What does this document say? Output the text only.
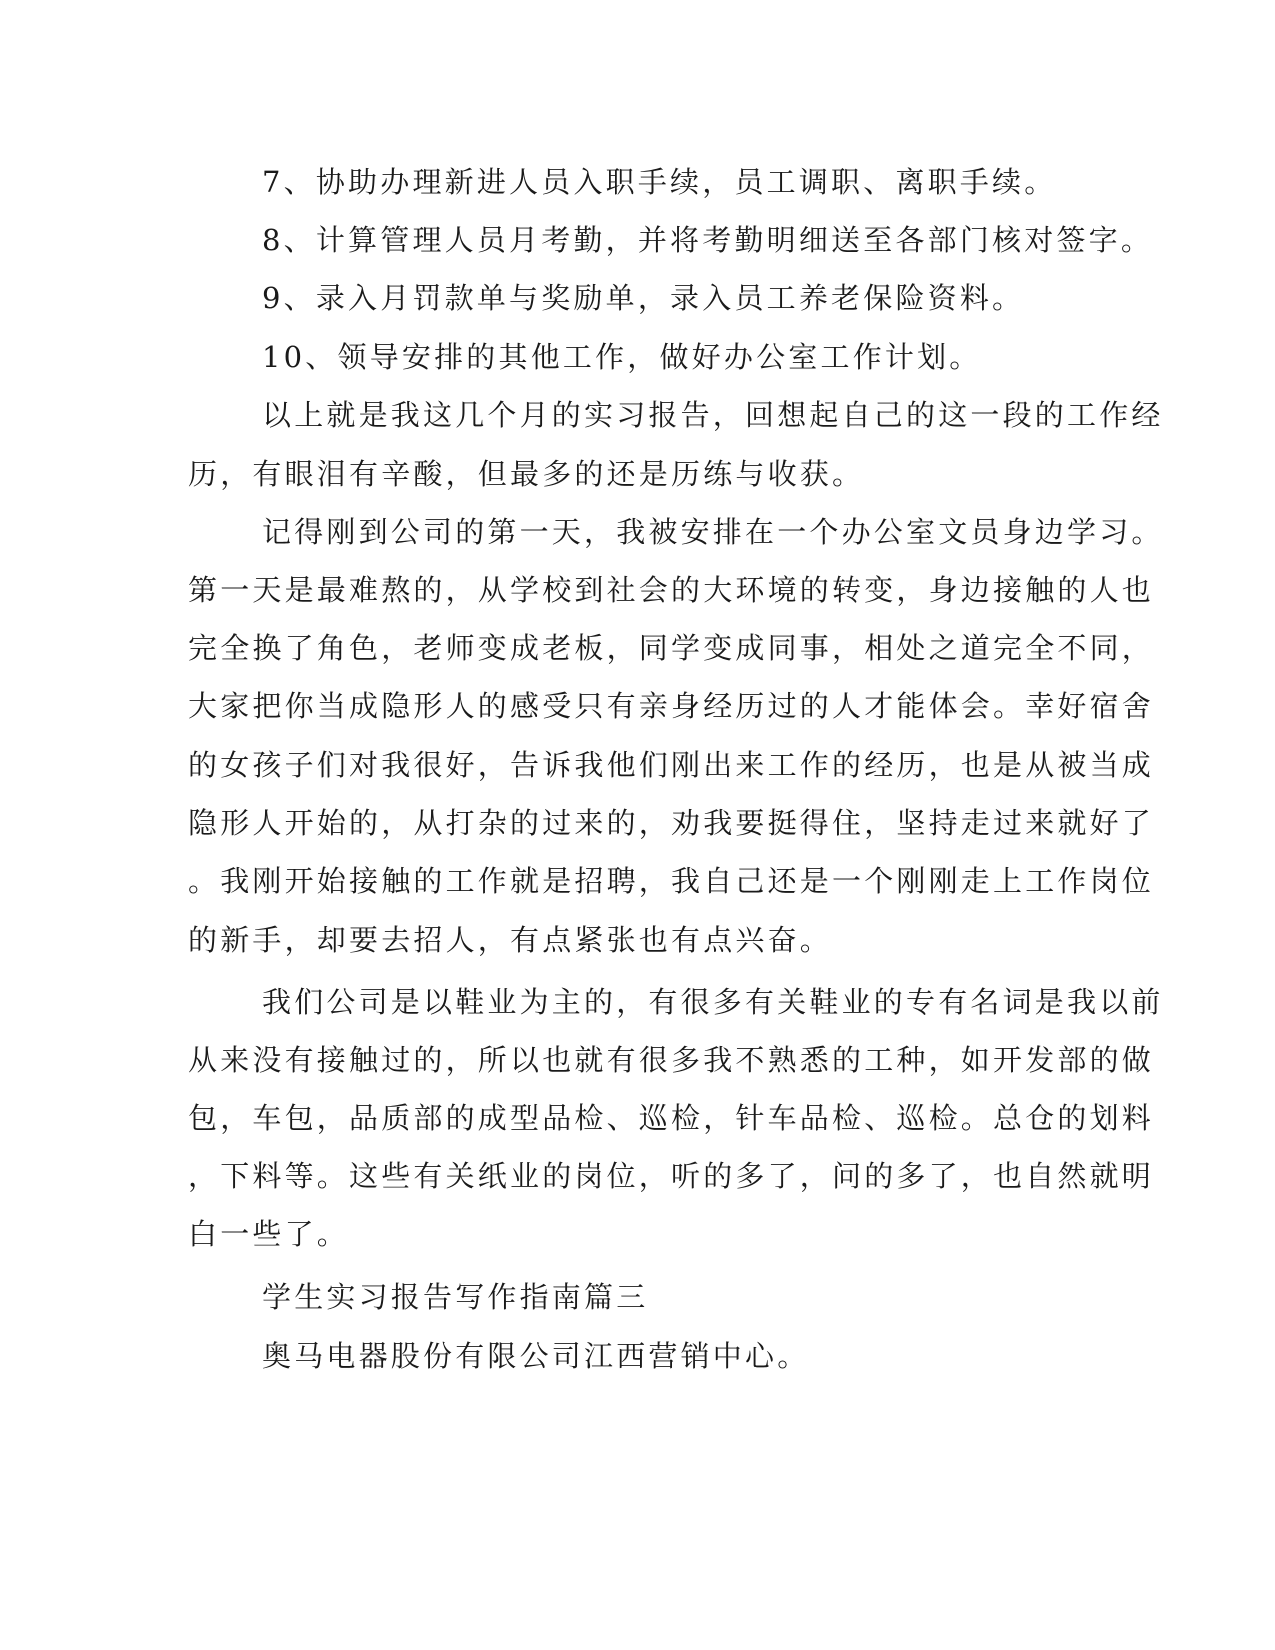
7、协助办理新进人员入职手续，员工调职、离职手续。
8、计算管理人员月考勤，并将考勤明细送至各部门核对签字。
9、录入月罚款单与奖励单，录入员工养老保险资料。
10、领导安排的其他工作，做好办公室工作计划。
以上就是我这几个月的实习报告，回想起自己的这一段的工作经
历，有眼泪有辛酸，但最多的还是历练与收获。
记得刚到公司的第一天，我被安排在一个办公室文员身边学习。
第一天是最难熬的，从学校到社会的大环境的转变，身边接触的人也
完全换了角色，老师变成老板，同学变成同事，相处之道完全不同，
大家把你当成隐形人的感受只有亲身经历过的人才能体会。幸好宿舍
的女孩子们对我很好，告诉我他们刚出来工作的经历，也是从被当成
隐形人开始的，从打杂的过来的，劝我要挺得住，坚持走过来就好了
。我刚开始接触的工作就是招聘，我自己还是一个刚刚走上工作岗位
的新手，却要去招人，有点紧张也有点兴奋。
我们公司是以鞋业为主的，有很多有关鞋业的专有名词是我以前
从来没有接触过的，所以也就有很多我不熟悉的工种，如开发部的做
包，车包，品质部的成型品检、巡检，针车品检、巡检。总仓的划料
，下料等。这些有关纸业的岗位，听的多了，问的多了，也自然就明
白一些了。
学生实习报告写作指南篇三
奥马电器股份有限公司江西营销中心。
